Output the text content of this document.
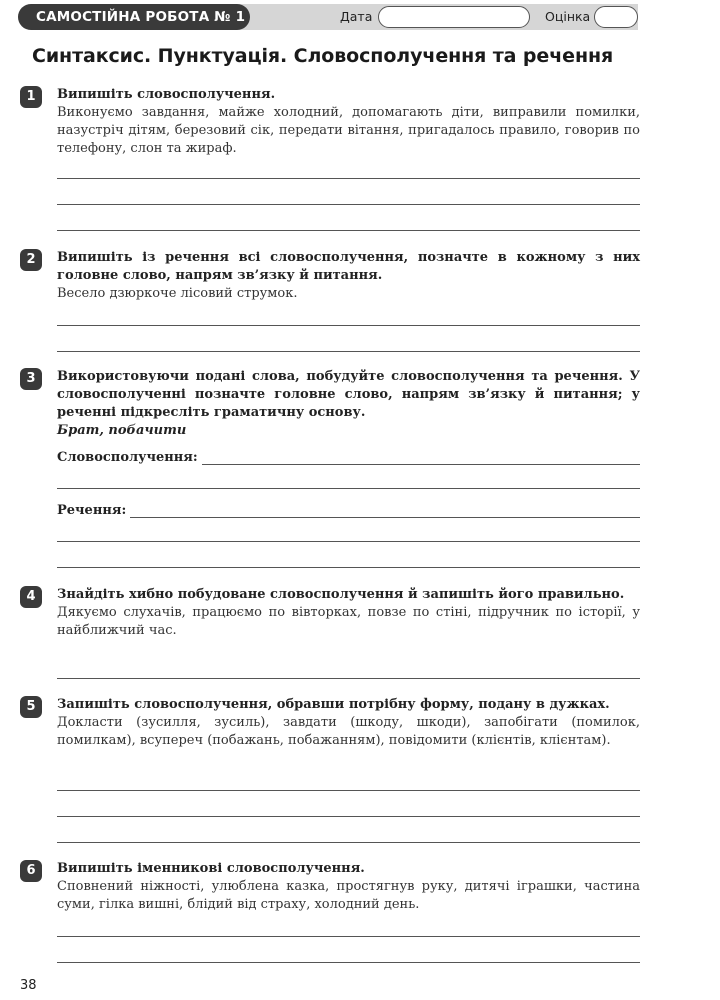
САМОСТІЙНА РОБОТА № 1	Дата	Оцінка
Синтаксис. Пунктуація. Словосполучення та речення
1	Випишіть словосполучення.

Виконуємо завдання, майже холодний, допомагають діти, виправили помилки, назустріч дітям, березовий сік, передати вітання, пригадалось правило, говорив по телефону, слон та жираф.

2	Випишіть із речення всі словосполучення, позначте в кожному з них головне слово, напрям зв’язку й питання.

Весело дзюркоче лісовий струмок.

3	Використовуючи подані слова, побудуйте словосполучення та речення. У словосполученні позначте головне слово, напрям зв’язку й питання; у реченні підкресліть граматичну основу.

Брат, побачити

Словосполучення:
Речення:
4	Знайдіть хибно побудоване словосполучення й запишіть його правильно.

Дякуємо слухачів, працюємо по вівторках, повзе по стіні, підручник по історії, у найближчий час.

5	Запишіть словосполучення, обравши потрібну форму, подану в дужках.

Докласти (зусилля, зусиль), завдати (шкоду, шкоди), запобігати (помилок, помилкам), всупереч (побажань, побажанням), повідомити (клієнтів, клієнтам).

6	Випишіть іменникові словосполучення.

Сповнений ніжності, улюблена казка, простягнув руку, дитячі іграшки, частина суми, гілка вишні, блідий від страху, холодний день.

38
